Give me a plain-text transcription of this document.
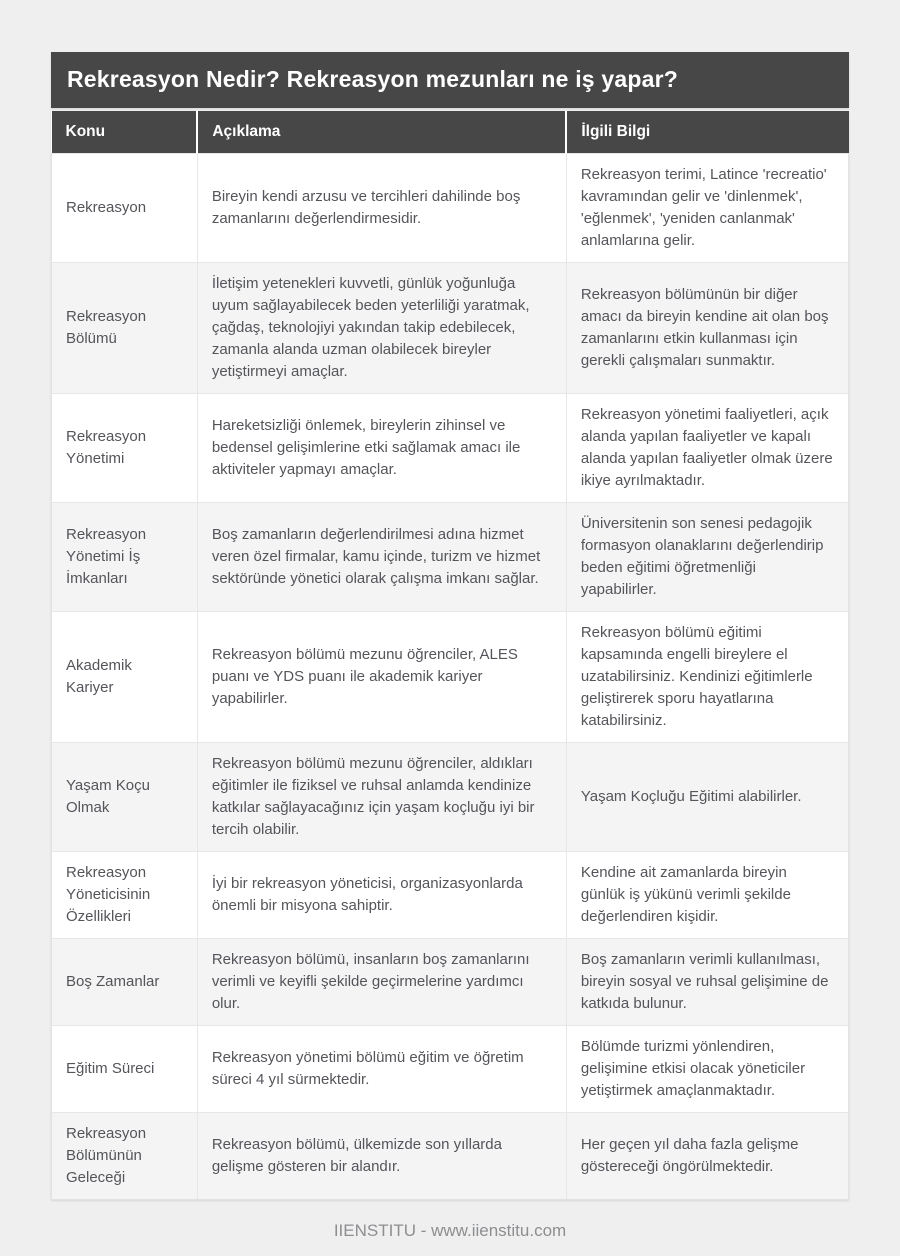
Rekreasyon Nedir? Rekreasyon mezunları ne iş yapar?
Konu	Açıklama	İlgili Bilgi
Rekreasyon	Bireyin kendi arzusu ve tercihleri dahilinde boş zamanlarını değerlendirmesidir.	Rekreasyon terimi, Latince 'recreatio' kavramından gelir ve 'dinlenmek', 'eğlenmek', 'yeniden canlanmak' anlamlarına gelir.
Rekreasyon Bölümü	İletişim yetenekleri kuvvetli, günlük yoğunluğa uyum sağlayabilecek beden yeterliliği yaratmak, çağdaş, teknolojiyi yakından takip edebilecek, zamanla alanda uzman olabilecek bireyler yetiştirmeyi amaçlar.	Rekreasyon bölümünün bir diğer amacı da bireyin kendine ait olan boş zamanlarını etkin kullanması için gerekli çalışmaları sunmaktır.
Rekreasyon Yönetimi	Hareketsizliği önlemek, bireylerin zihinsel ve bedensel gelişimlerine etki sağlamak amacı ile aktiviteler yapmayı amaçlar.	Rekreasyon yönetimi faaliyetleri, açık alanda yapılan faaliyetler ve kapalı alanda yapılan faaliyetler olmak üzere ikiye ayrılmaktadır.
Rekreasyon Yönetimi İş İmkanları	Boş zamanların değerlendirilmesi adına hizmet veren özel firmalar, kamu içinde, turizm ve hizmet sektöründe yönetici olarak çalışma imkanı sağlar.	Üniversitenin son senesi pedagojik formasyon olanaklarını değerlendirip beden eğitimi öğretmenliği yapabilirler.
Akademik Kariyer	Rekreasyon bölümü mezunu öğrenciler, ALES puanı ve YDS puanı ile akademik kariyer yapabilirler.	Rekreasyon bölümü eğitimi kapsamında engelli bireylere el uzatabilirsiniz. Kendinizi eğitimlerle geliştirerek sporu hayatlarına katabilirsiniz.
Yaşam Koçu Olmak	Rekreasyon bölümü mezunu öğrenciler, aldıkları eğitimler ile fiziksel ve ruhsal anlamda kendinize katkılar sağlayacağınız için yaşam koçluğu iyi bir tercih olabilir.	Yaşam Koçluğu Eğitimi alabilirler.
Rekreasyon Yöneticisinin Özellikleri	İyi bir rekreasyon yöneticisi, organizasyonlarda önemli bir misyona sahiptir.	Kendine ait zamanlarda bireyin günlük iş yükünü verimli şekilde değerlendiren kişidir.
Boş Zamanlar	Rekreasyon bölümü, insanların boş zamanlarını verimli ve keyifli şekilde geçirmelerine yardımcı olur.	Boş zamanların verimli kullanılması, bireyin sosyal ve ruhsal gelişimine de katkıda bulunur.
Eğitim Süreci	Rekreasyon yönetimi bölümü eğitim ve öğretim süreci 4 yıl sürmektedir.	Bölümde turizmi yönlendiren, gelişimine etkisi olacak yöneticiler yetiştirmek amaçlanmaktadır.
Rekreasyon Bölümünün Geleceği	Rekreasyon bölümü, ülkemizde son yıllarda gelişme gösteren bir alandır.	Her geçen yıl daha fazla gelişme göstereceği öngörülmektedir.
IIENSTITU - www.iienstitu.com
